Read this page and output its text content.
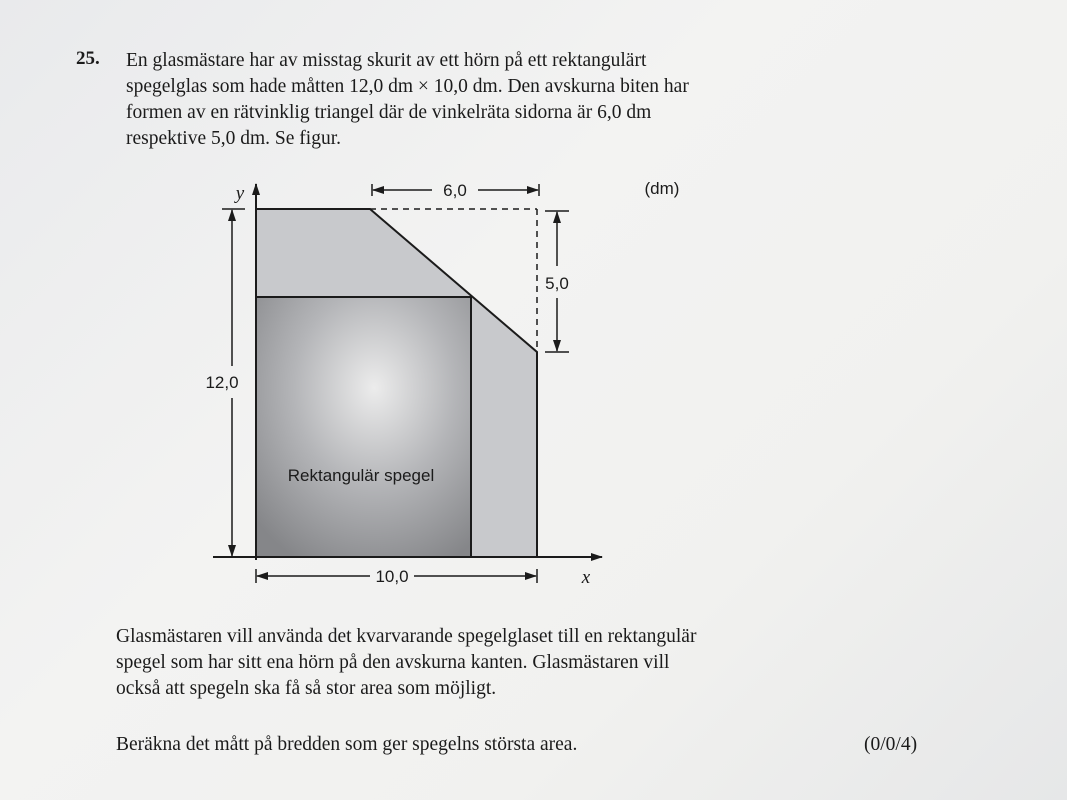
25. En glasmästare har av misstag skurit av ett hörn på ett rektangulärt
spegelglas som hade måtten 12,0 dm × 10,0 dm. Den avskurna biten har
formen av en rätvinklig triangel där de vinkelräta sidorna är 6,0 dm
respektive 5,0 dm. Se figur.
6,0
5,0
12,0
10,0
y
x
(dm)
Rektangulär spegel
Glasmästaren vill använda det kvarvarande spegelglaset till en rektangulär
spegel som har sitt ena hörn på den avskurna kanten. Glasmästaren vill
också att spegeln ska få så stor area som möjligt.
Beräkna det mått på bredden som ger spegelns största area.	(0/0/4)
